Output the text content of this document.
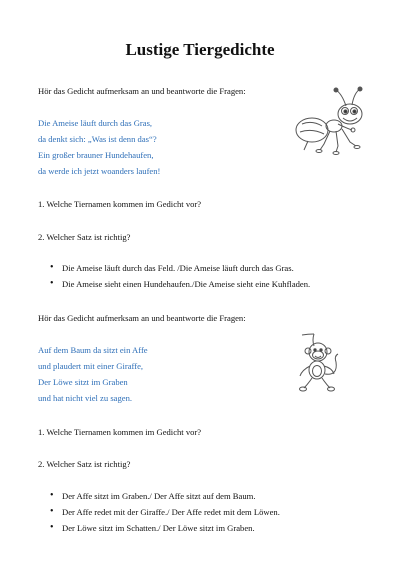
Lustige Tiergedichte
Hör das Gedicht aufmerksam an und beantworte die Fragen:
Die Ameise läuft durch das Gras,
da denkt sich: „Was ist denn das“?
Ein großer brauner Hundehaufen,
da werde ich jetzt woanders laufen!
1. Welche Tiernamen kommen im Gedicht vor?
2. Welcher Satz ist richtig?
• Die Ameise läuft durch das Feld. /Die Ameise läuft durch das Gras.
• Die Ameise sieht einen Hundehaufen./Die Ameise sieht eine Kuhfladen.
Hör das Gedicht aufmerksam an und beantworte die Fragen:
Auf dem Baum da sitzt ein Affe
und plaudert mit einer Giraffe,
Der Löwe sitzt im Graben
und hat nicht viel zu sagen.
1. Welche Tiernamen kommen im Gedicht vor?
2. Welcher Satz ist richtig?
• Der Affe sitzt im Graben./ Der Affe sitzt auf dem Baum.
• Der Affe redet mit der Giraffe./ Der Affe redet mit dem Löwen.
• Der Löwe sitzt im Schatten./ Der Löwe sitzt im Graben.
